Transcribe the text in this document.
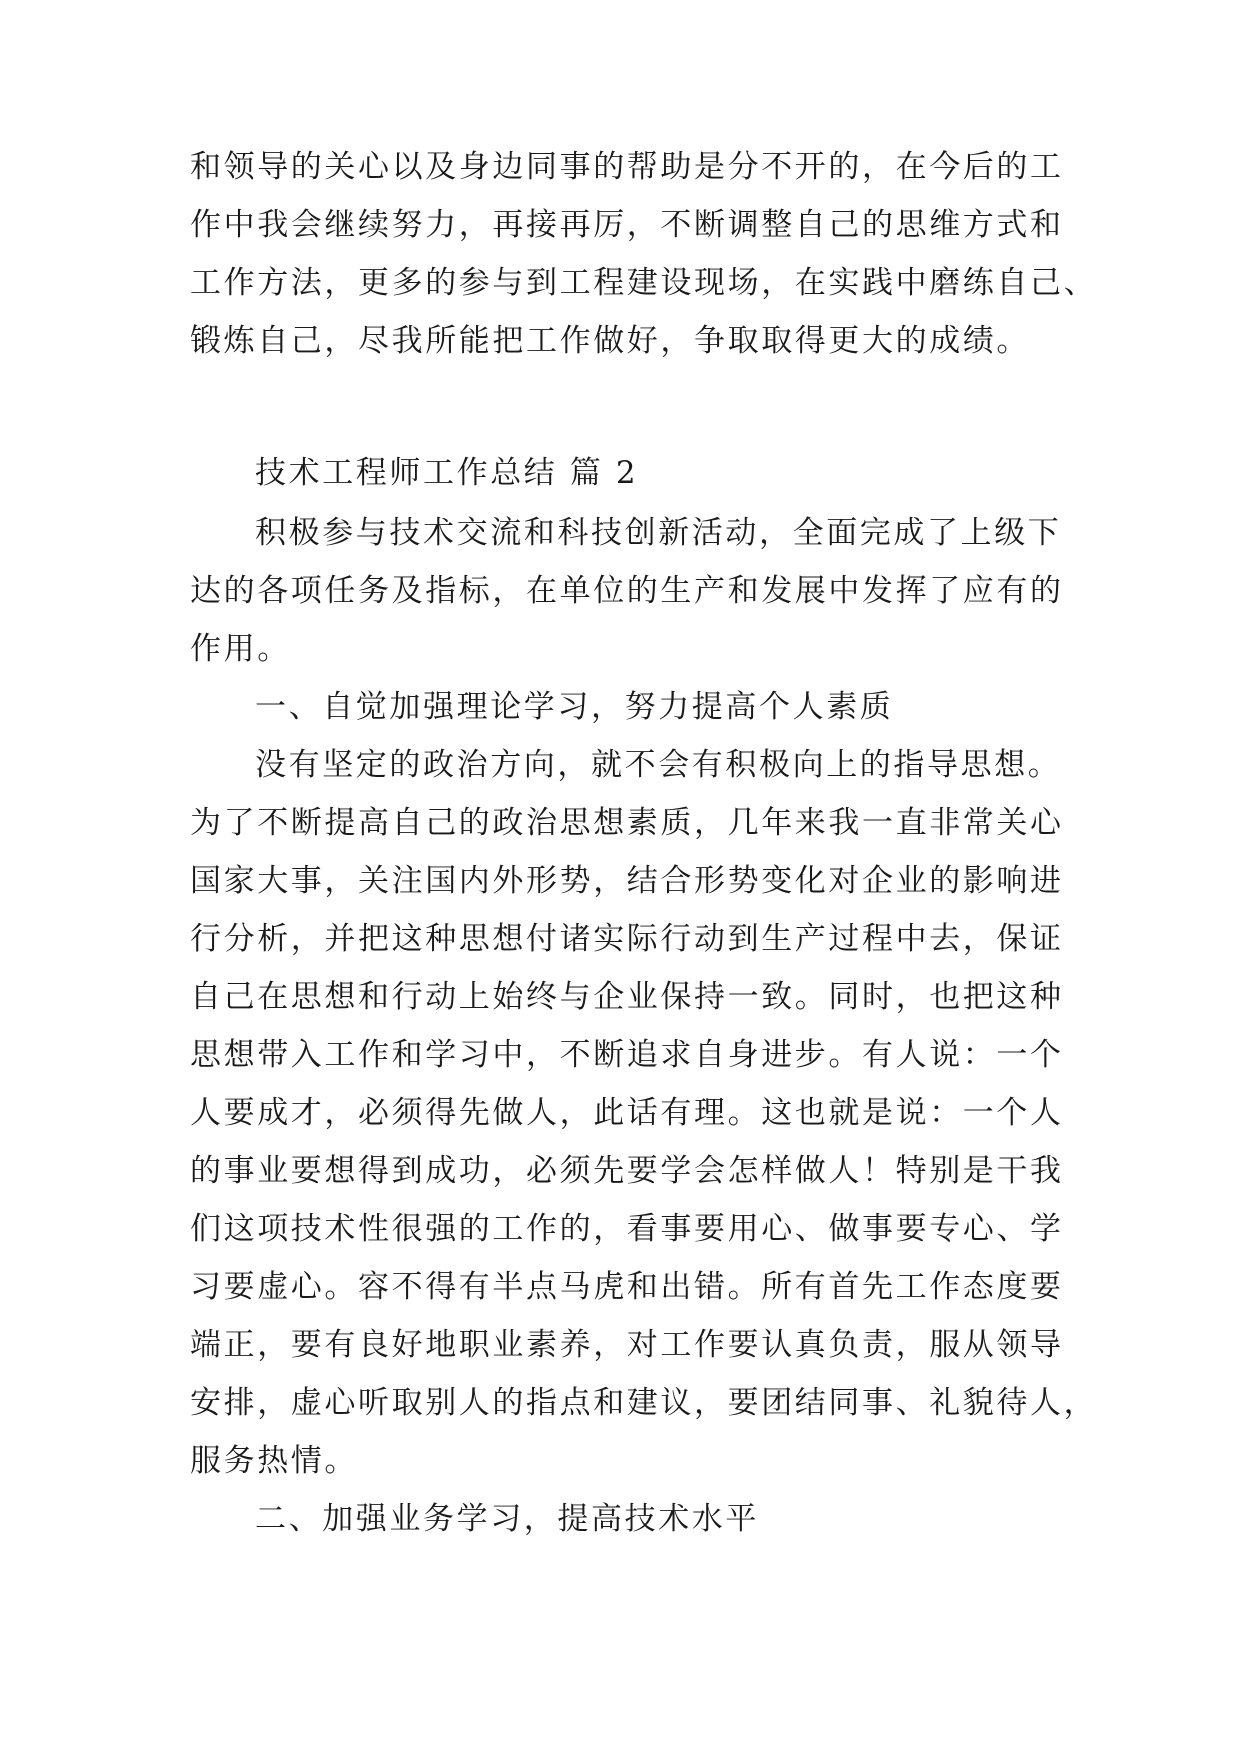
和领导的关心以及身边同事的帮助是分不开的，在今后的工
作中我会继续努力，再接再厉，不断调整自己的思维方式和
工作方法，更多的参与到工程建设现场，在实践中磨练自己、
锻炼自己，尽我所能把工作做好，争取取得更大的成绩。
技术工程师工作总结 篇 2
积极参与技术交流和科技创新活动，全面完成了上级下
达的各项任务及指标，在单位的生产和发展中发挥了应有的
作用。
一、自觉加强理论学习，努力提高个人素质
没有坚定的政治方向，就不会有积极向上的指导思想。
为了不断提高自己的政治思想素质，几年来我一直非常关心
国家大事，关注国内外形势，结合形势变化对企业的影响进
行分析，并把这种思想付诸实际行动到生产过程中去，保证
自己在思想和行动上始终与企业保持一致。同时，也把这种
思想带入工作和学习中，不断追求自身进步。有人说：一个
人要成才，必须得先做人，此话有理。这也就是说：一个人
的事业要想得到成功，必须先要学会怎样做人！特别是干我
们这项技术性很强的工作的，看事要用心、做事要专心、学
习要虚心。容不得有半点马虎和出错。所有首先工作态度要
端正，要有良好地职业素养，对工作要认真负责，服从领导
安排，虚心听取别人的指点和建议，要团结同事、礼貌待人，
服务热情。
二、加强业务学习，提高技术水平
